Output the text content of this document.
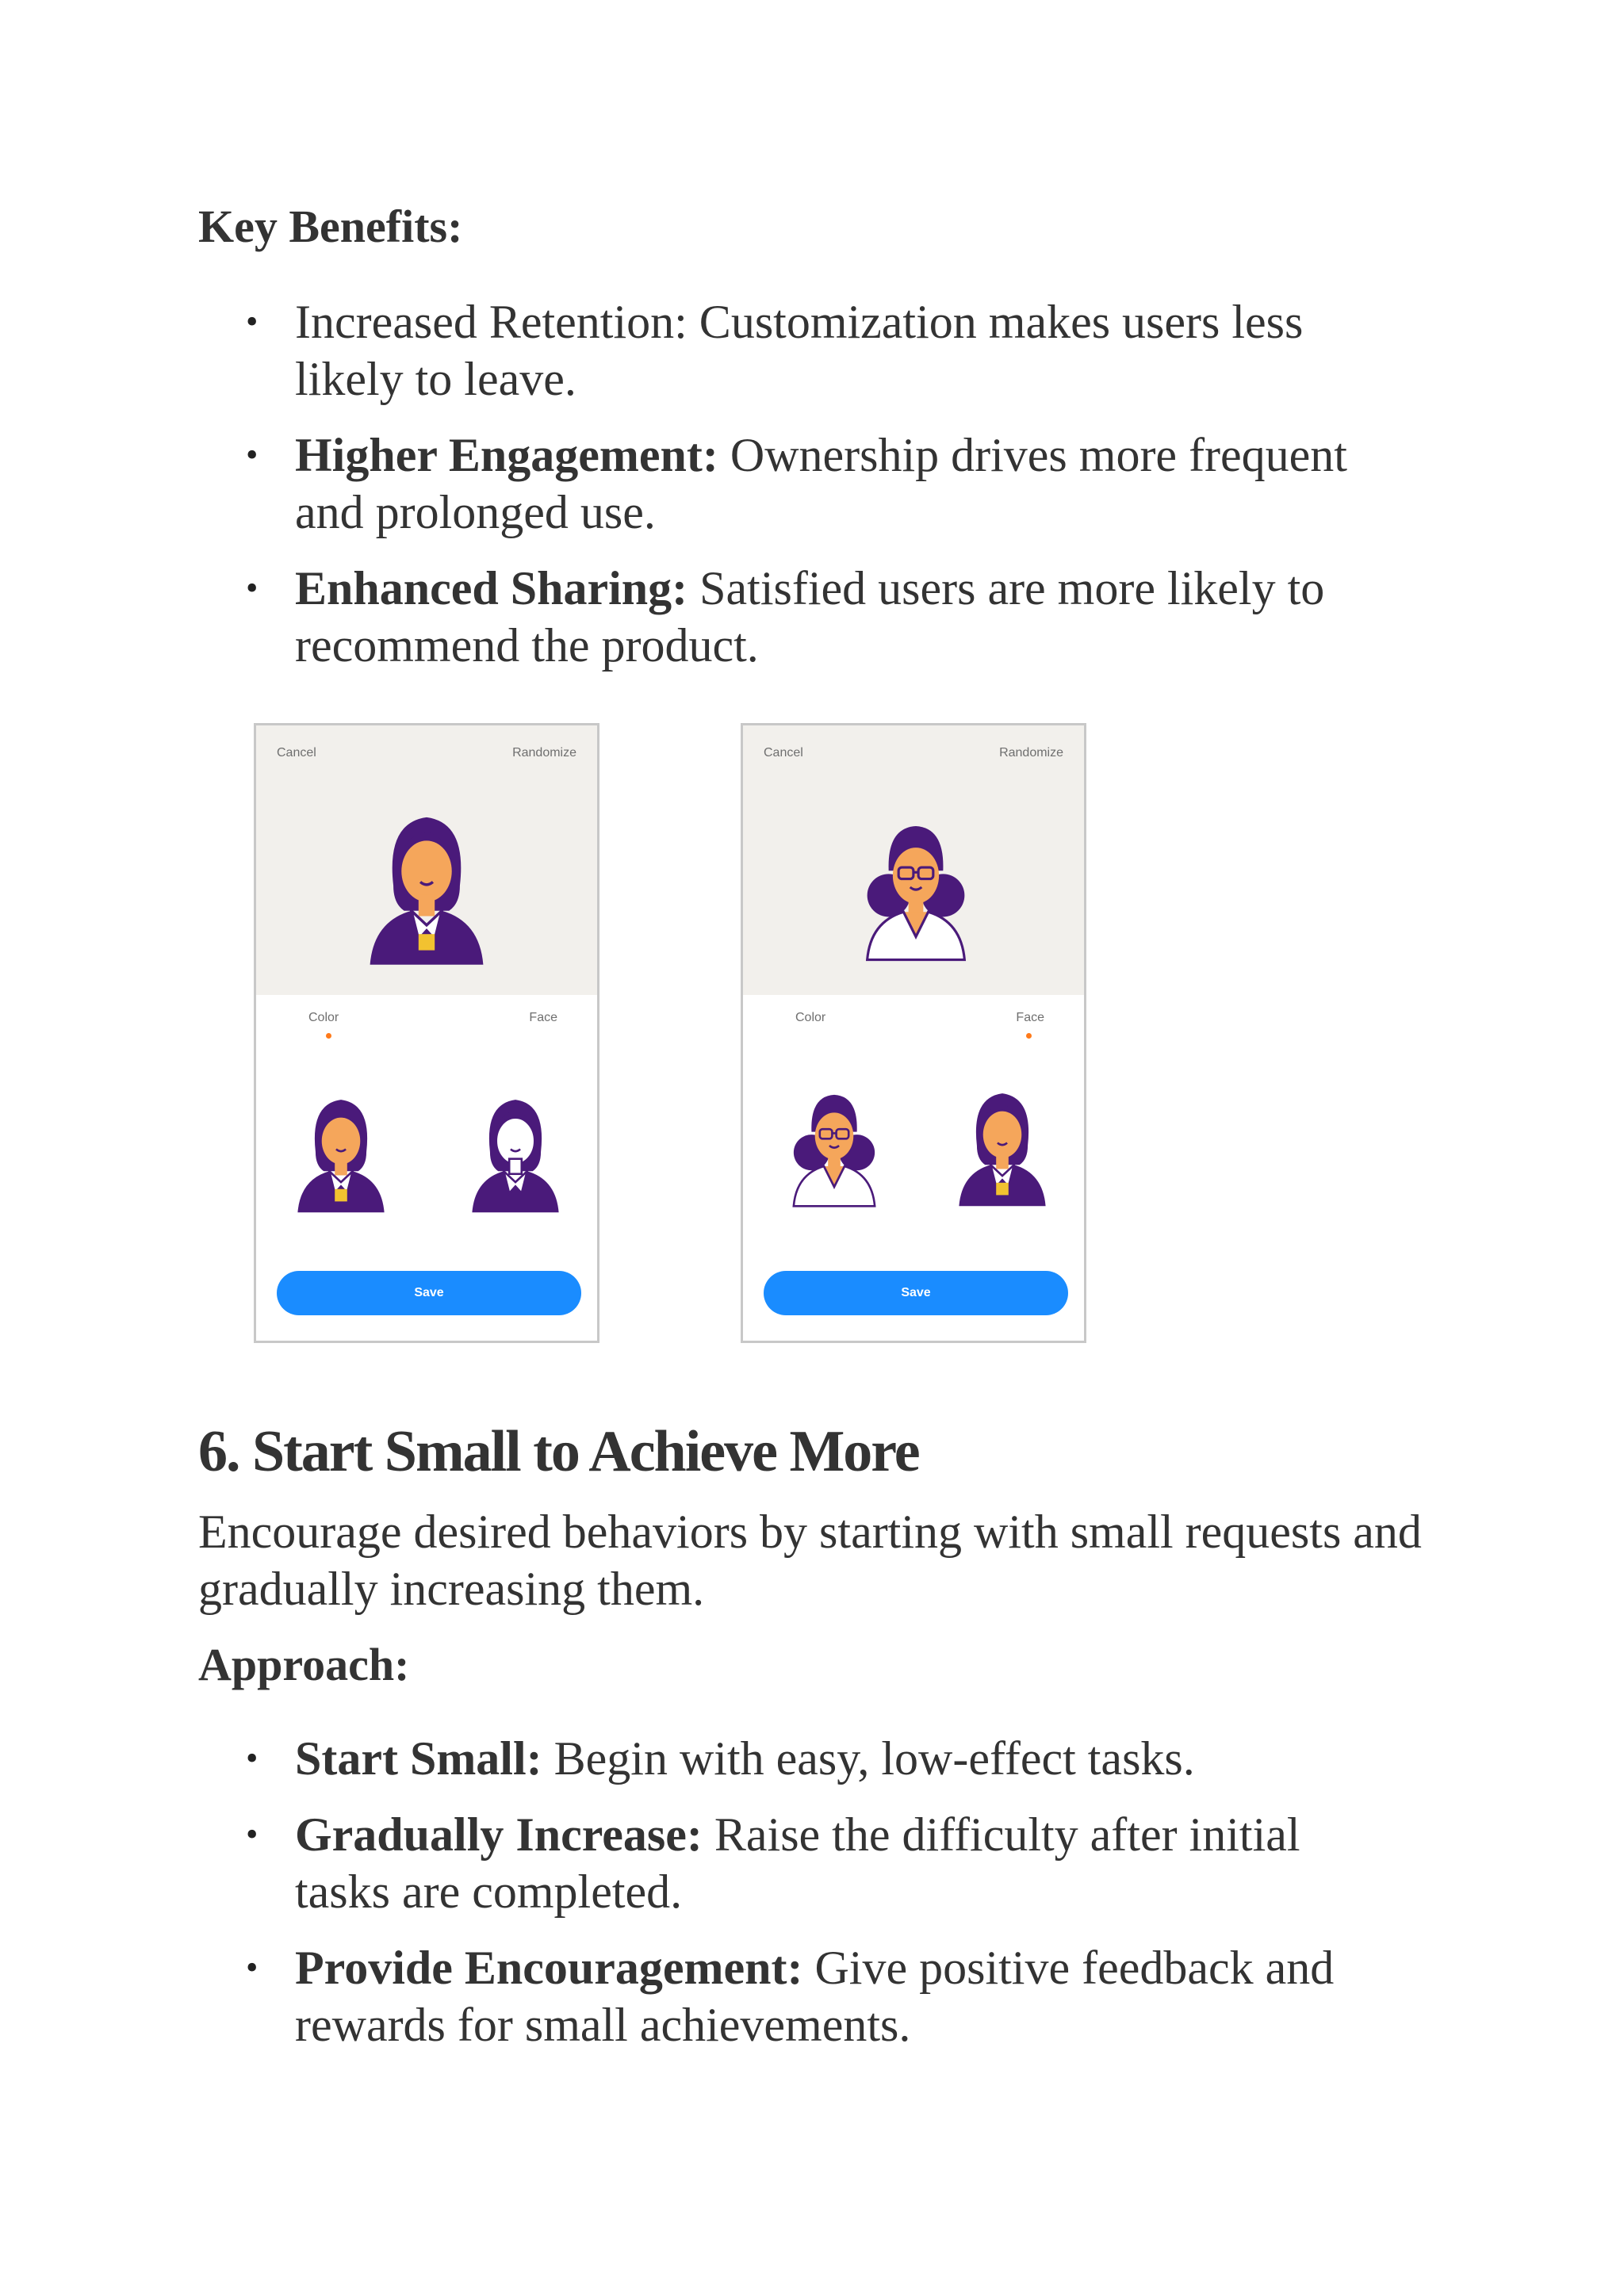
Key Benefits:
• Increased Retention: Customization makes users less
likely to leave.
• Higher Engagement: Ownership drives more frequent
and prolonged use.
• Enhanced Sharing: Satisfied users are more likely to
recommend the product.
Cancel	Randomize
Color	Face
Save
Cancel	Randomize
Color	Face
Save
6. Start Small to Achieve More
Encourage desired behaviors by starting with small requests and
gradually increasing them.
Approach:
• Start Small: Begin with easy, low-effect tasks.
• Gradually Increase: Raise the difficulty after initial
tasks are completed.
• Provide Encouragement: Give positive feedback and
rewards for small achievements.
